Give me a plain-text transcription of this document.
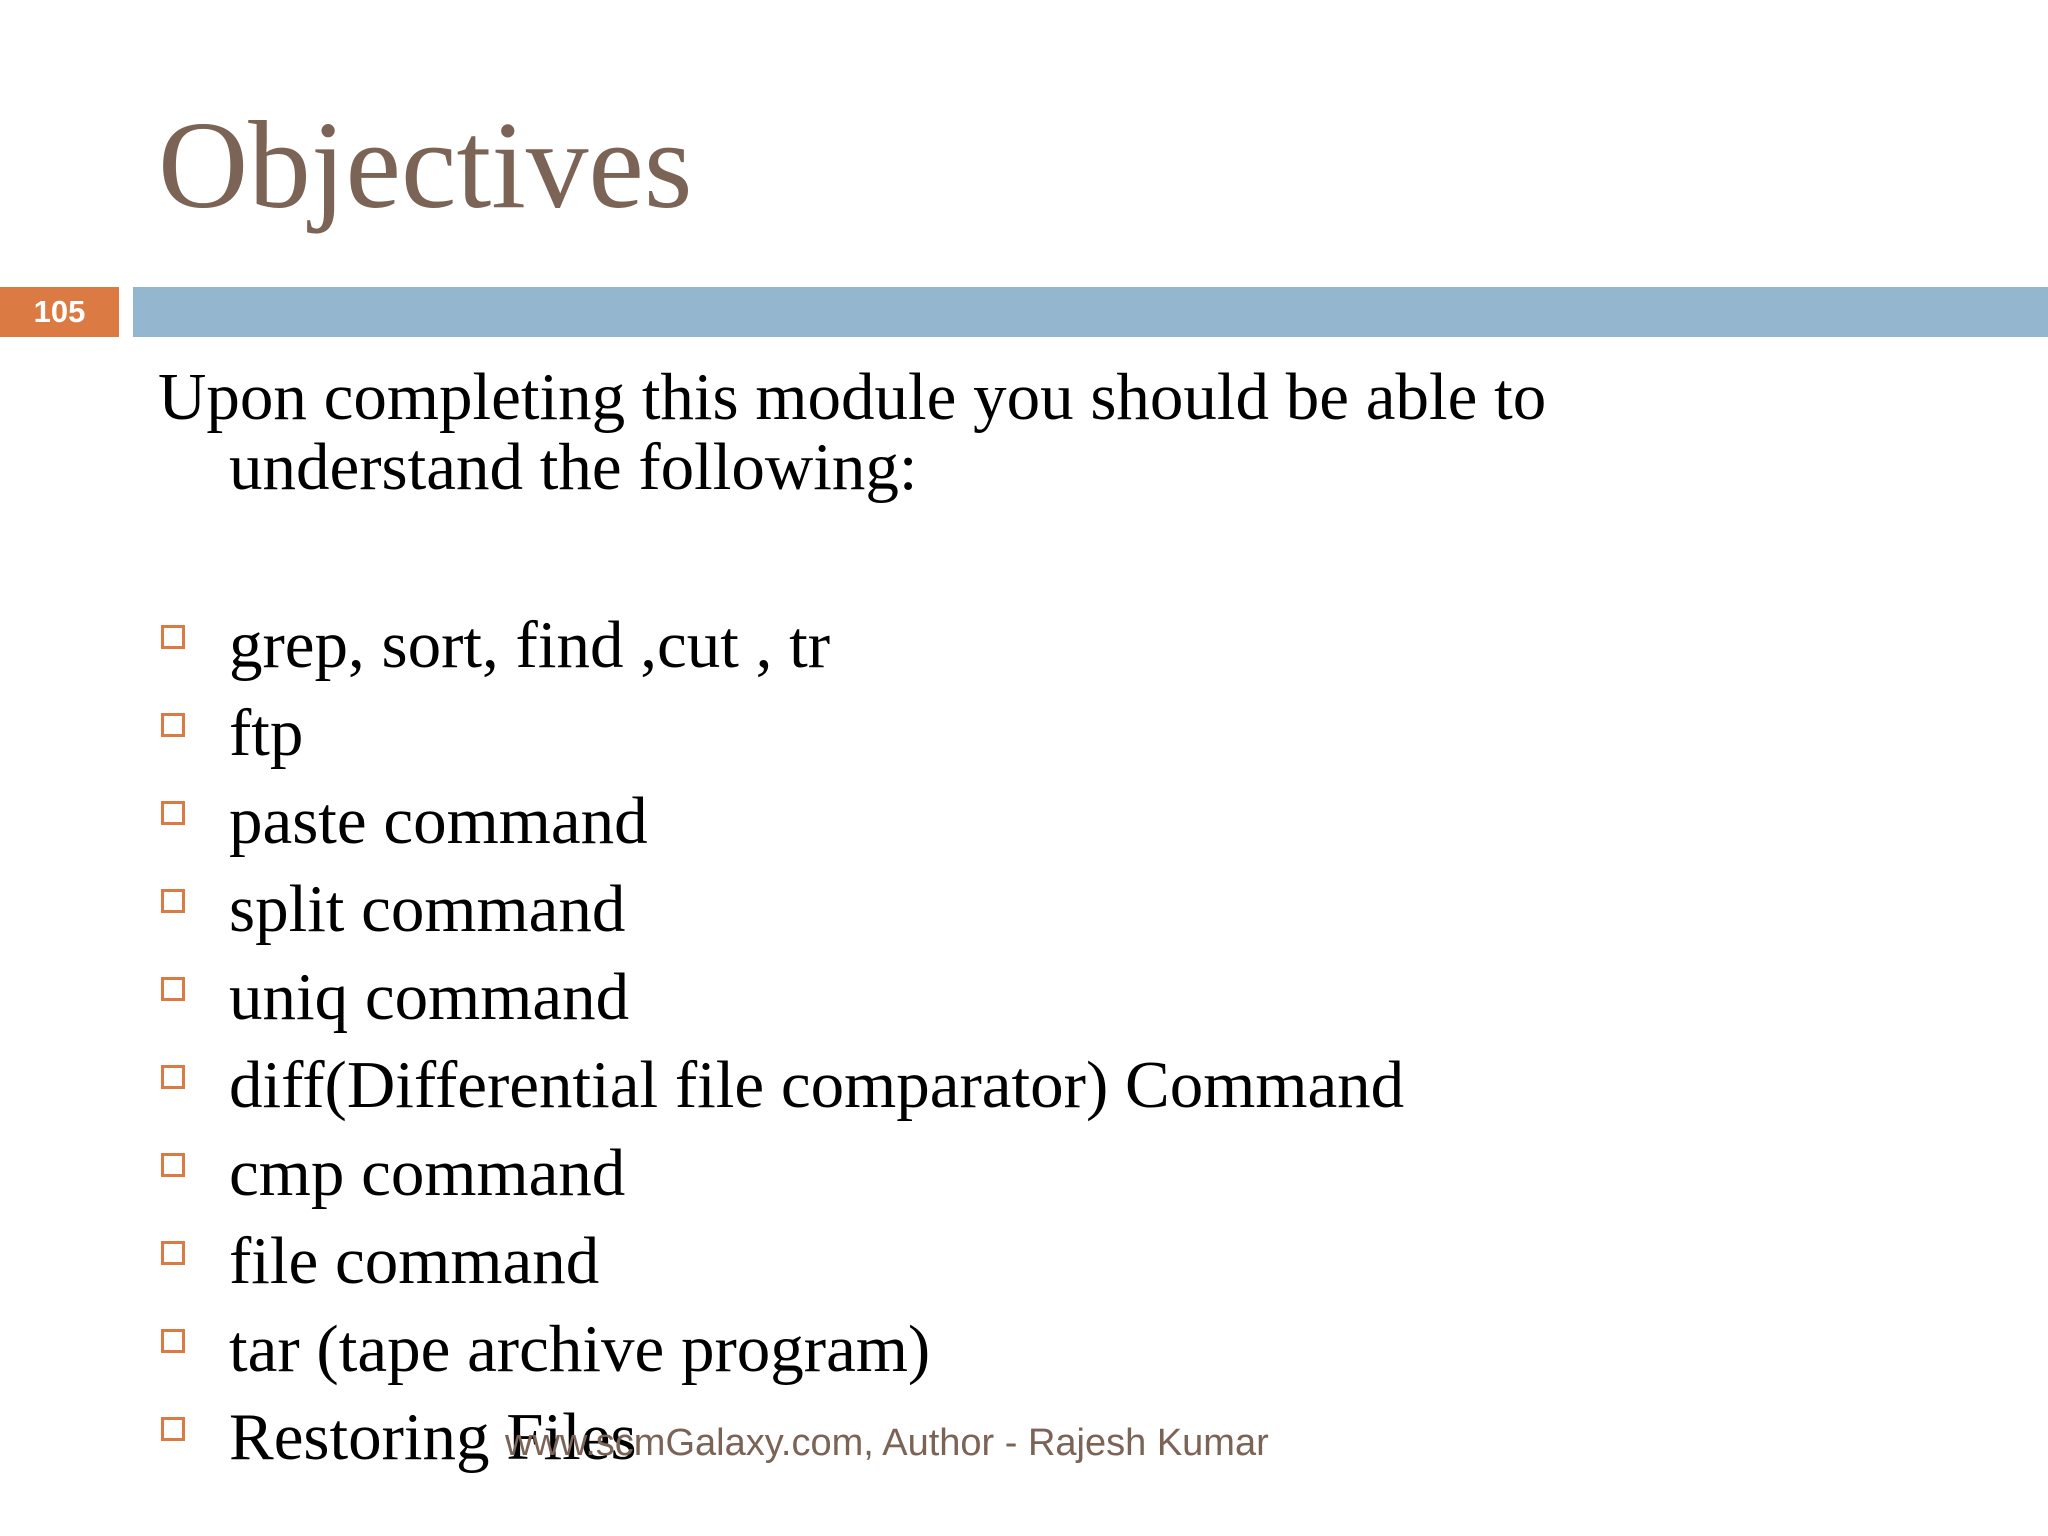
Objectives
105

Upon completing this module you should be able to
understand the following:

grep, sort, find ,cut , tr
ftp
paste command
split command
uniq command
diff(Differential file comparator) Command
cmp command
file command
tar (tape archive program)
Restoring Files
www.scmGalaxy.com, Author - Rajesh Kumar
